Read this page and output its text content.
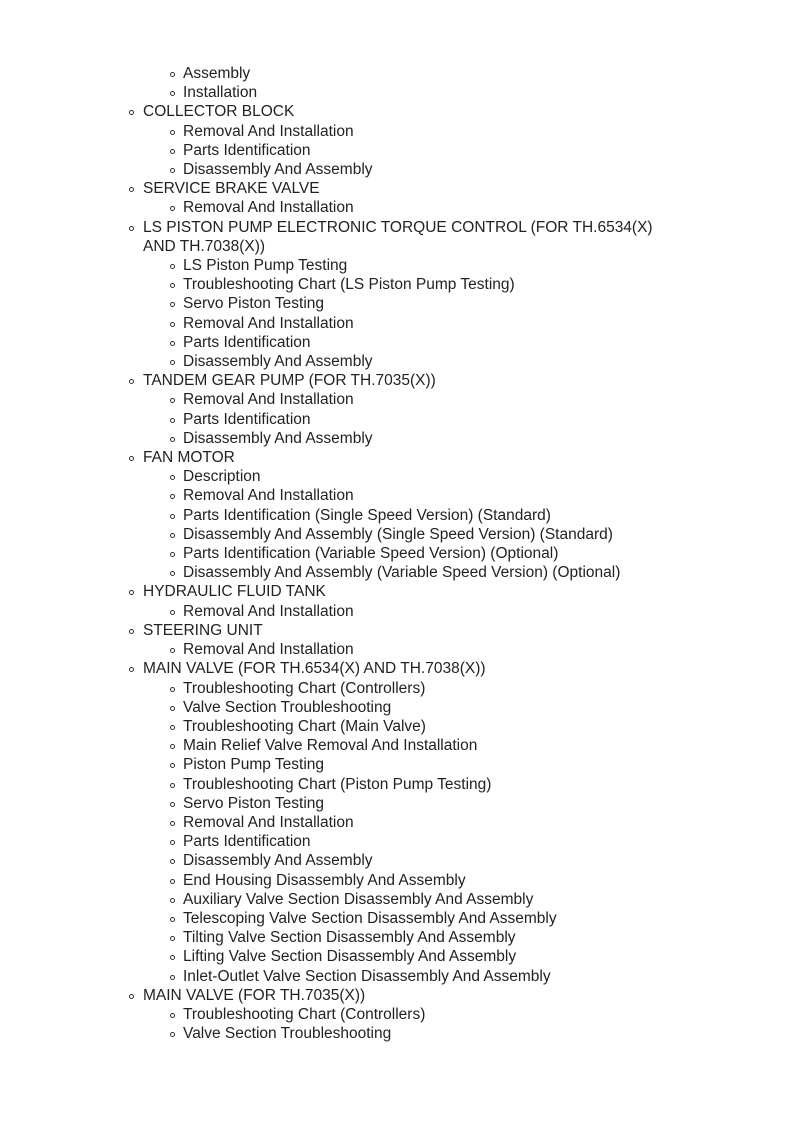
Assembly
Installation
COLLECTOR BLOCK
Removal And Installation
Parts Identification
Disassembly And Assembly
SERVICE BRAKE VALVE
Removal And Installation
LS PISTON PUMP ELECTRONIC TORQUE CONTROL (FOR TH.6534(X) AND TH.7038(X))
LS Piston Pump Testing
Troubleshooting Chart (LS Piston Pump Testing)
Servo Piston Testing
Removal And Installation
Parts Identification
Disassembly And Assembly
TANDEM GEAR PUMP (FOR TH.7035(X))
Removal And Installation
Parts Identification
Disassembly And Assembly
FAN MOTOR
Description
Removal And Installation
Parts Identification (Single Speed Version) (Standard)
Disassembly And Assembly (Single Speed Version) (Standard)
Parts Identification (Variable Speed Version) (Optional)
Disassembly And Assembly (Variable Speed Version) (Optional)
HYDRAULIC FLUID TANK
Removal And Installation
STEERING UNIT
Removal And Installation
MAIN VALVE (FOR TH.6534(X) AND TH.7038(X))
Troubleshooting Chart (Controllers)
Valve Section Troubleshooting
Troubleshooting Chart (Main Valve)
Main Relief Valve Removal And Installation
Piston Pump Testing
Troubleshooting Chart (Piston Pump Testing)
Servo Piston Testing
Removal And Installation
Parts Identification
Disassembly And Assembly
End Housing Disassembly And Assembly
Auxiliary Valve Section Disassembly And Assembly
Telescoping Valve Section Disassembly And Assembly
Tilting Valve Section Disassembly And Assembly
Lifting Valve Section Disassembly And Assembly
Inlet-Outlet Valve Section Disassembly And Assembly
MAIN VALVE (FOR TH.7035(X))
Troubleshooting Chart (Controllers)
Valve Section Troubleshooting
